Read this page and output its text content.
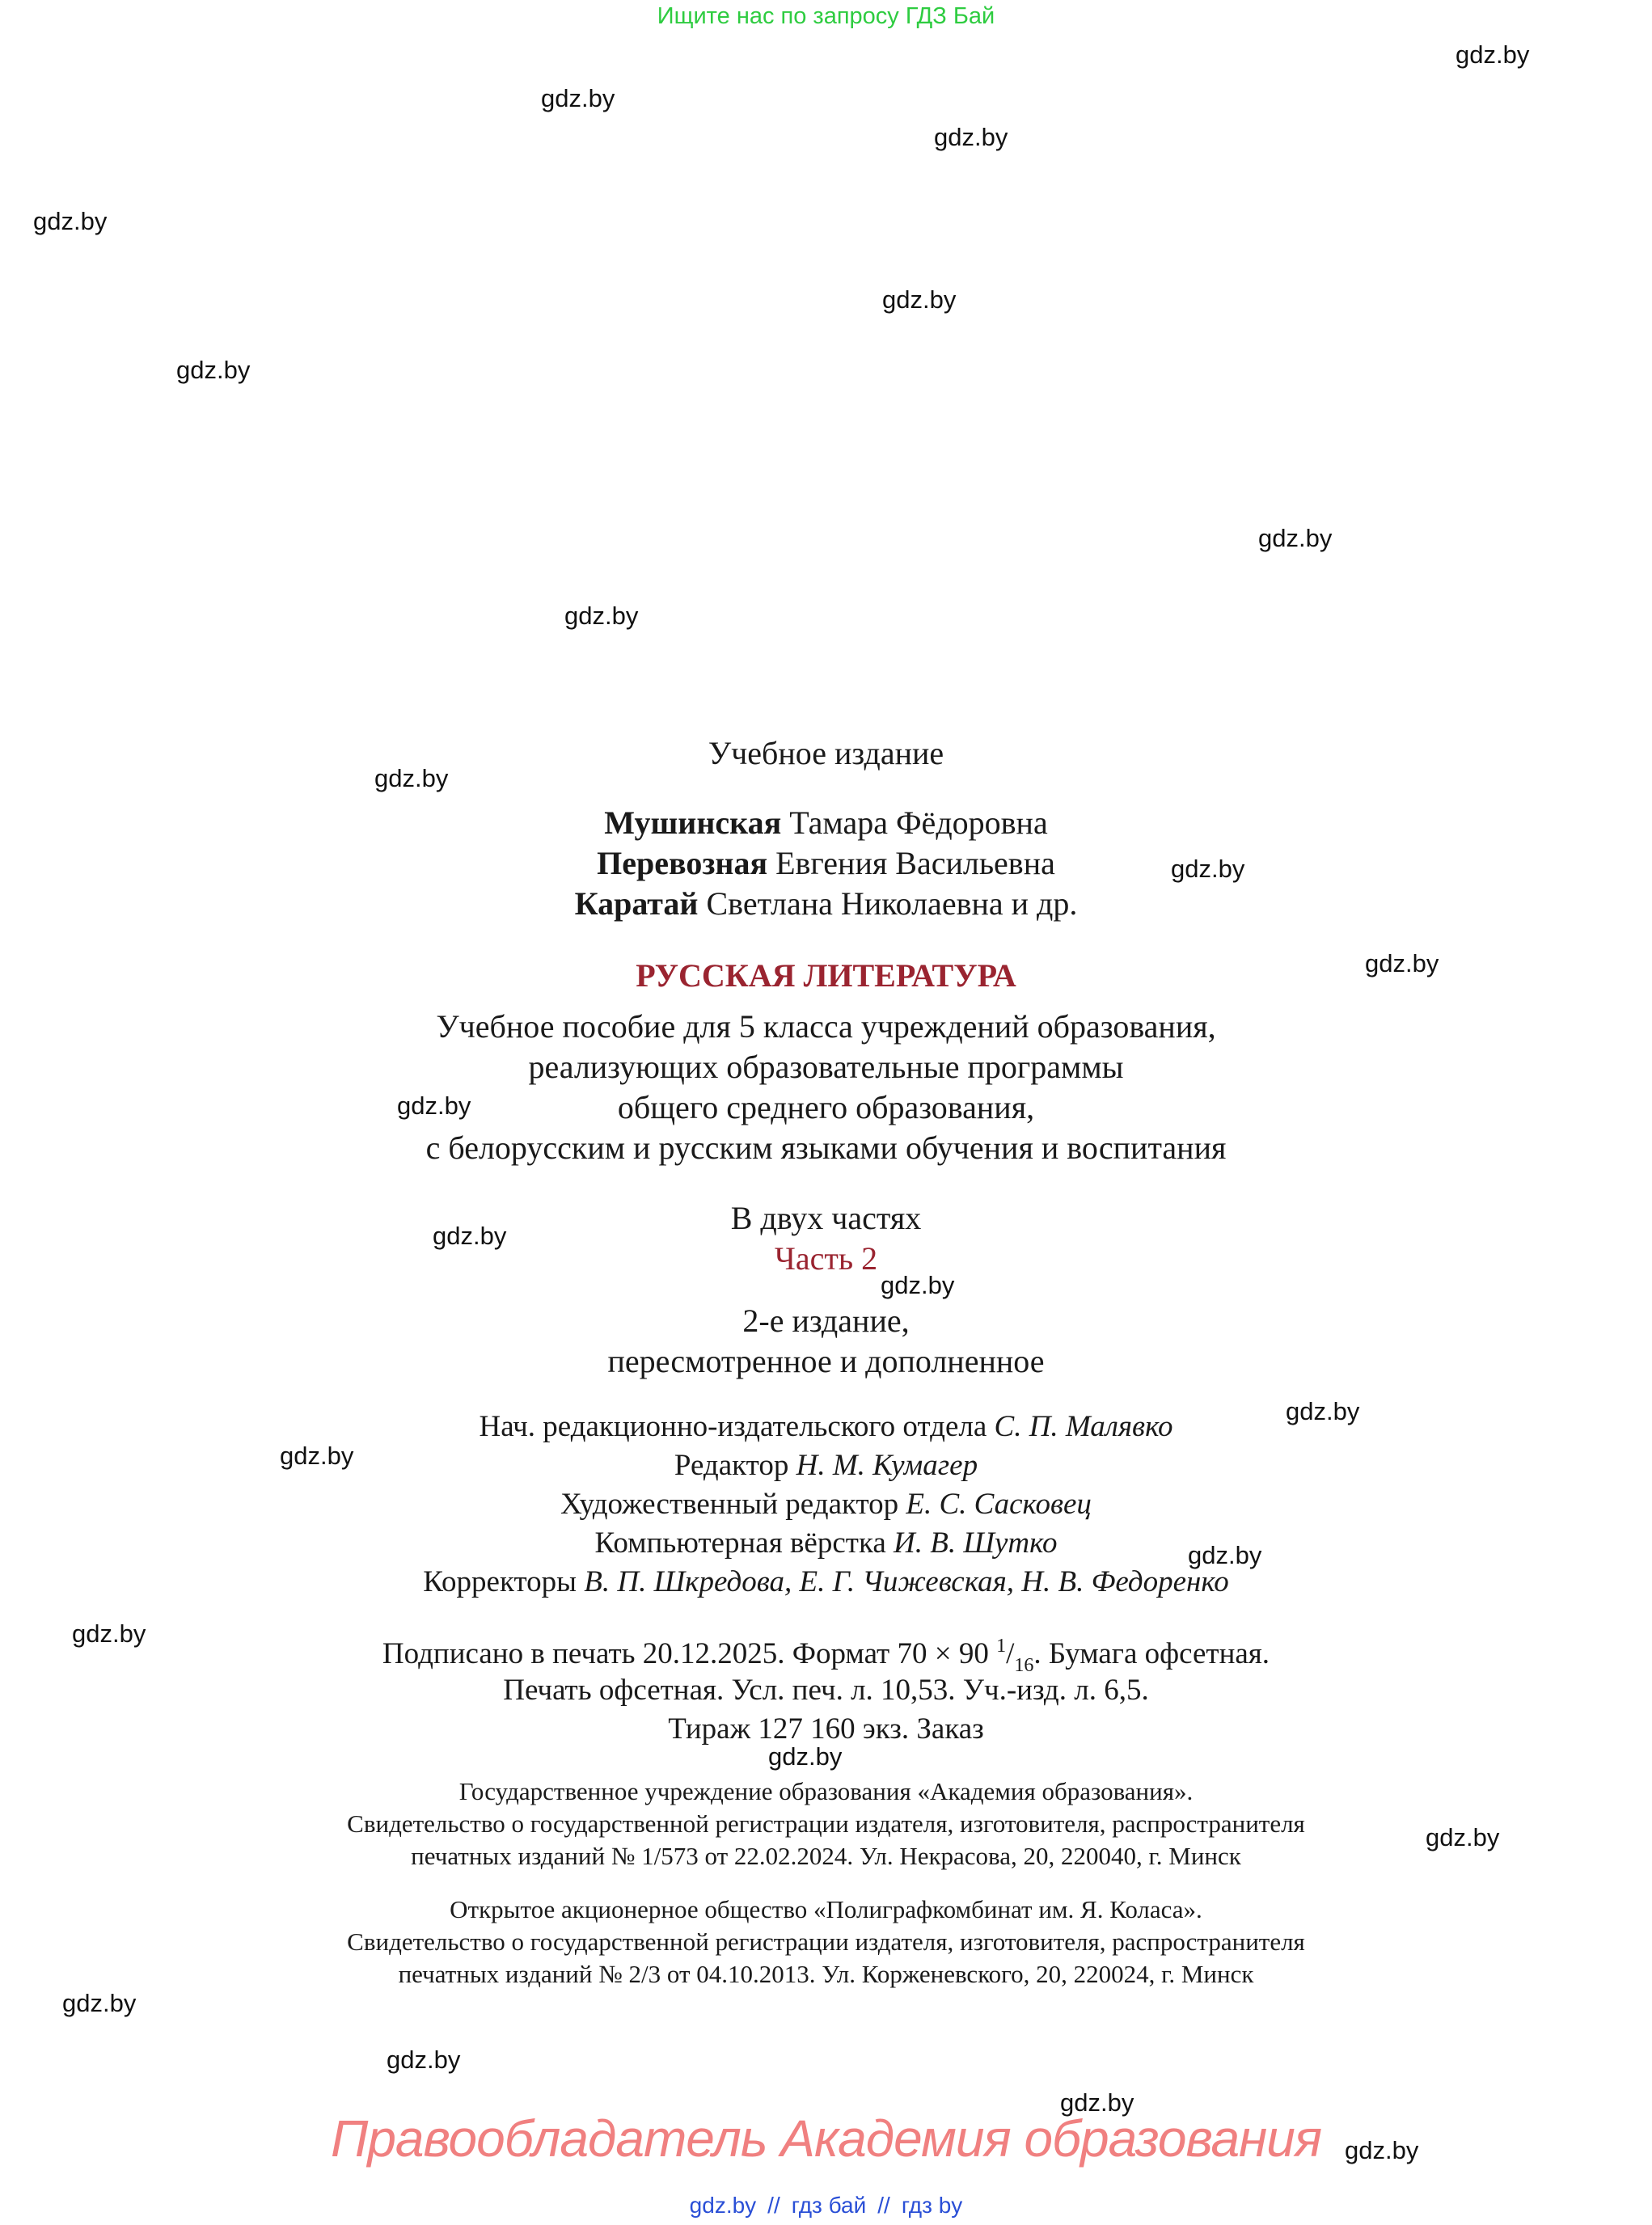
Ищите нас по запросу ГДЗ Бай
gdz.by
gdz.by
gdz.by
gdz.by
gdz.by
gdz.by
gdz.by
gdz.by
gdz.by
gdz.by
gdz.by
gdz.by
gdz.by
gdz.by
gdz.by
gdz.by
gdz.by
gdz.by
gdz.by
gdz.by
gdz.by
gdz.by
gdz.by
gdz.by
Учебное издание
Мушинская Тамара Фёдоровна
Перевозная Евгения Васильевна
Каратай Светлана Николаевна и др.
РУССКАЯ ЛИТЕРАТУРА
Учебное пособие для 5 класса учреждений образования,
реализующих образовательные программы
общего среднего образования,
с белорусским и русским языками обучения и воспитания
В двух частях
Часть 2
2-е издание,
пересмотренное и дополненное
Нач. редакционно-издательского отдела С. П. Малявко
Редактор Н. М. Кумагер
Художественный редактор Е. С. Сасковец
Компьютерная вёрстка И. В. Шутко
Корректоры В. П. Шкредова, Е. Г. Чижевская, Н. В. Федоренко
Подписано в печать 20.12.2025. Формат 70 × 90 $^1/_{16}$. Бумага офсетная.
Печать офсетная. Усл. печ. л. 10,53. Уч.-изд. л. 6,5.
Тираж 127 160 экз. Заказ
Государственное учреждение образования «Академия образования».
Свидетельство о государственной регистрации издателя, изготовителя, распространителя
печатных изданий № 1/573 от 22.02.2024. Ул. Некрасова, 20, 220040, г. Минск
Открытое акционерное общество «Полиграфкомбинат им. Я. Коласа».
Свидетельство о государственной регистрации издателя, изготовителя, распространителя
печатных изданий № 2/3 от 04.10.2013. Ул. Корженевского, 20, 220024, г. Минск
Правообладатель Академия образования
gdz.by // гдз бай // гдз by
